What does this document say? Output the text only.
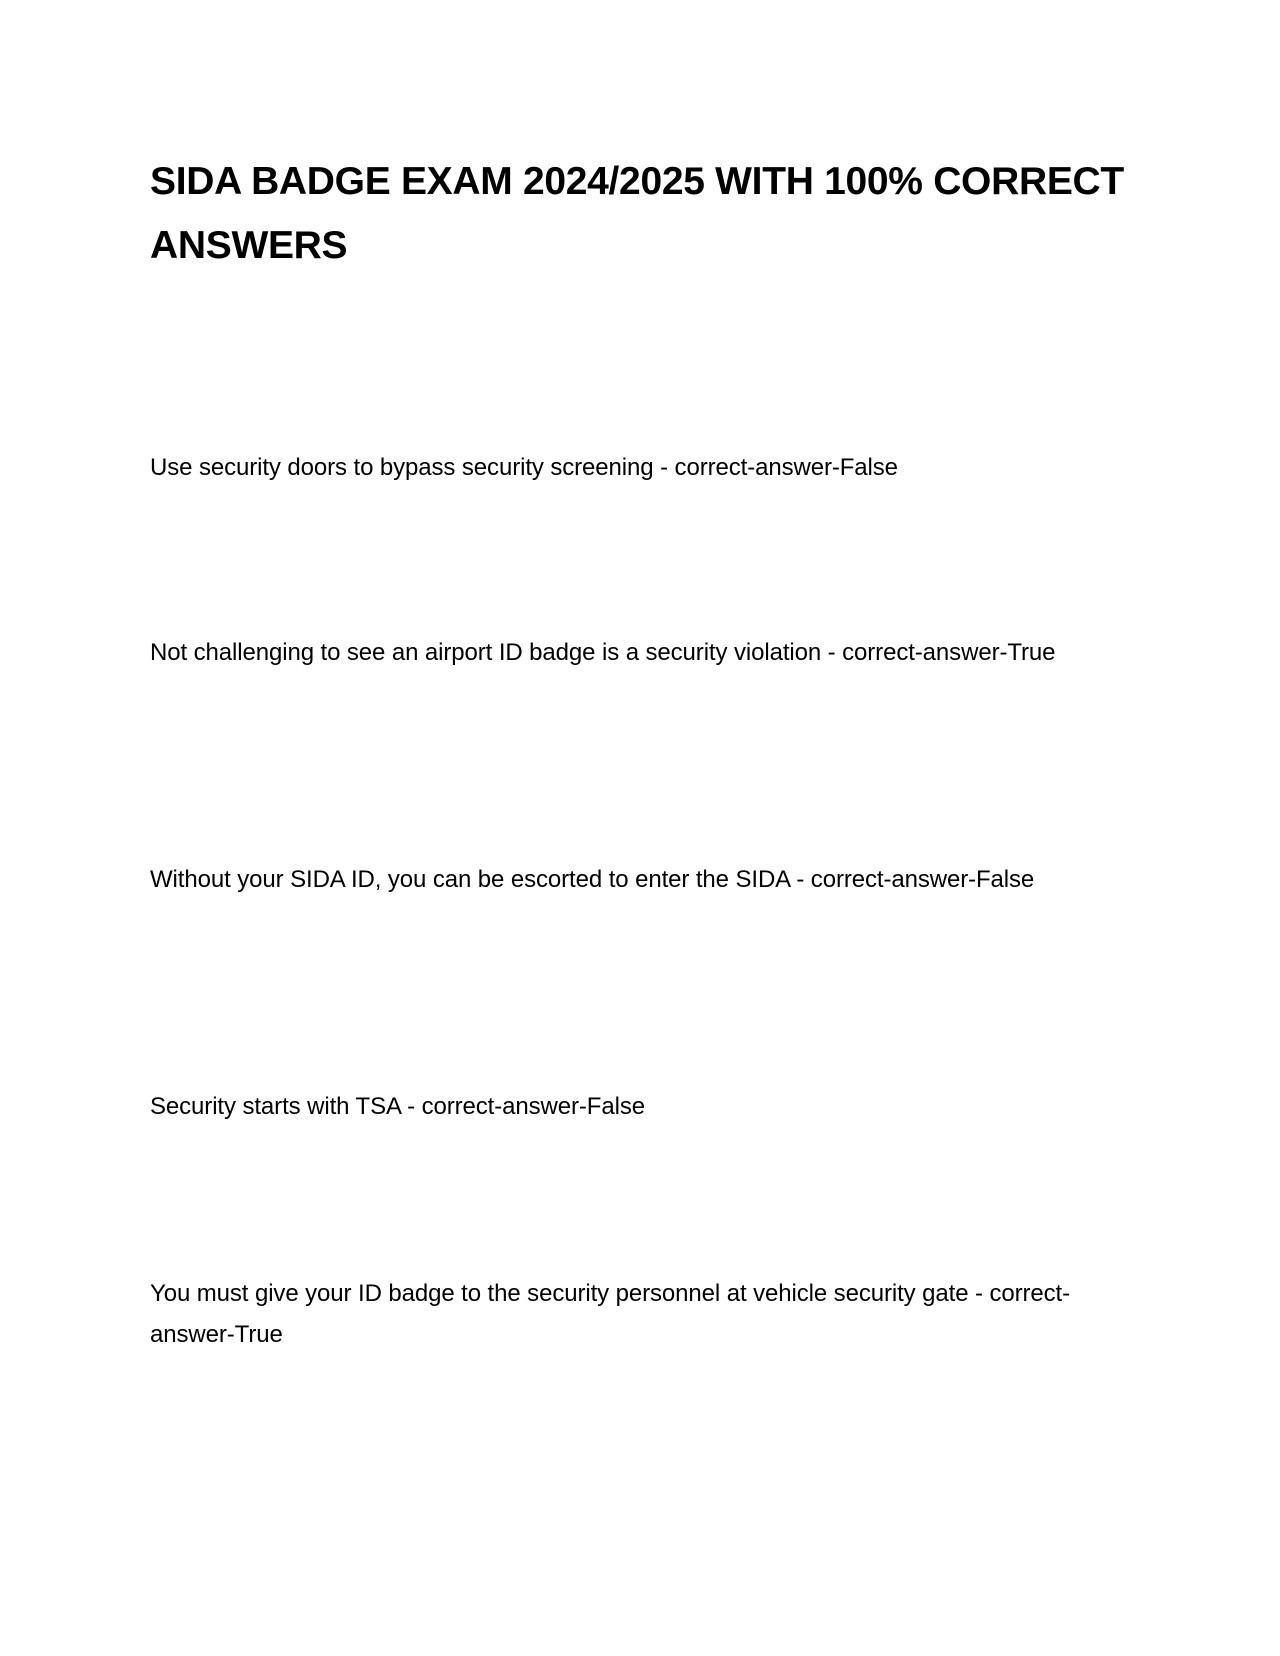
SIDA BADGE EXAM 2024/2025 WITH 100% CORRECT ANSWERS

Use security doors to bypass security screening - correct-answer-False

Not challenging to see an airport ID badge is a security violation - correct-answer-True

Without your SIDA ID, you can be escorted to enter the SIDA - correct-answer-False

Security starts with TSA - correct-answer-False

You must give your ID badge to the security personnel at vehicle security gate - correct-answer-True
